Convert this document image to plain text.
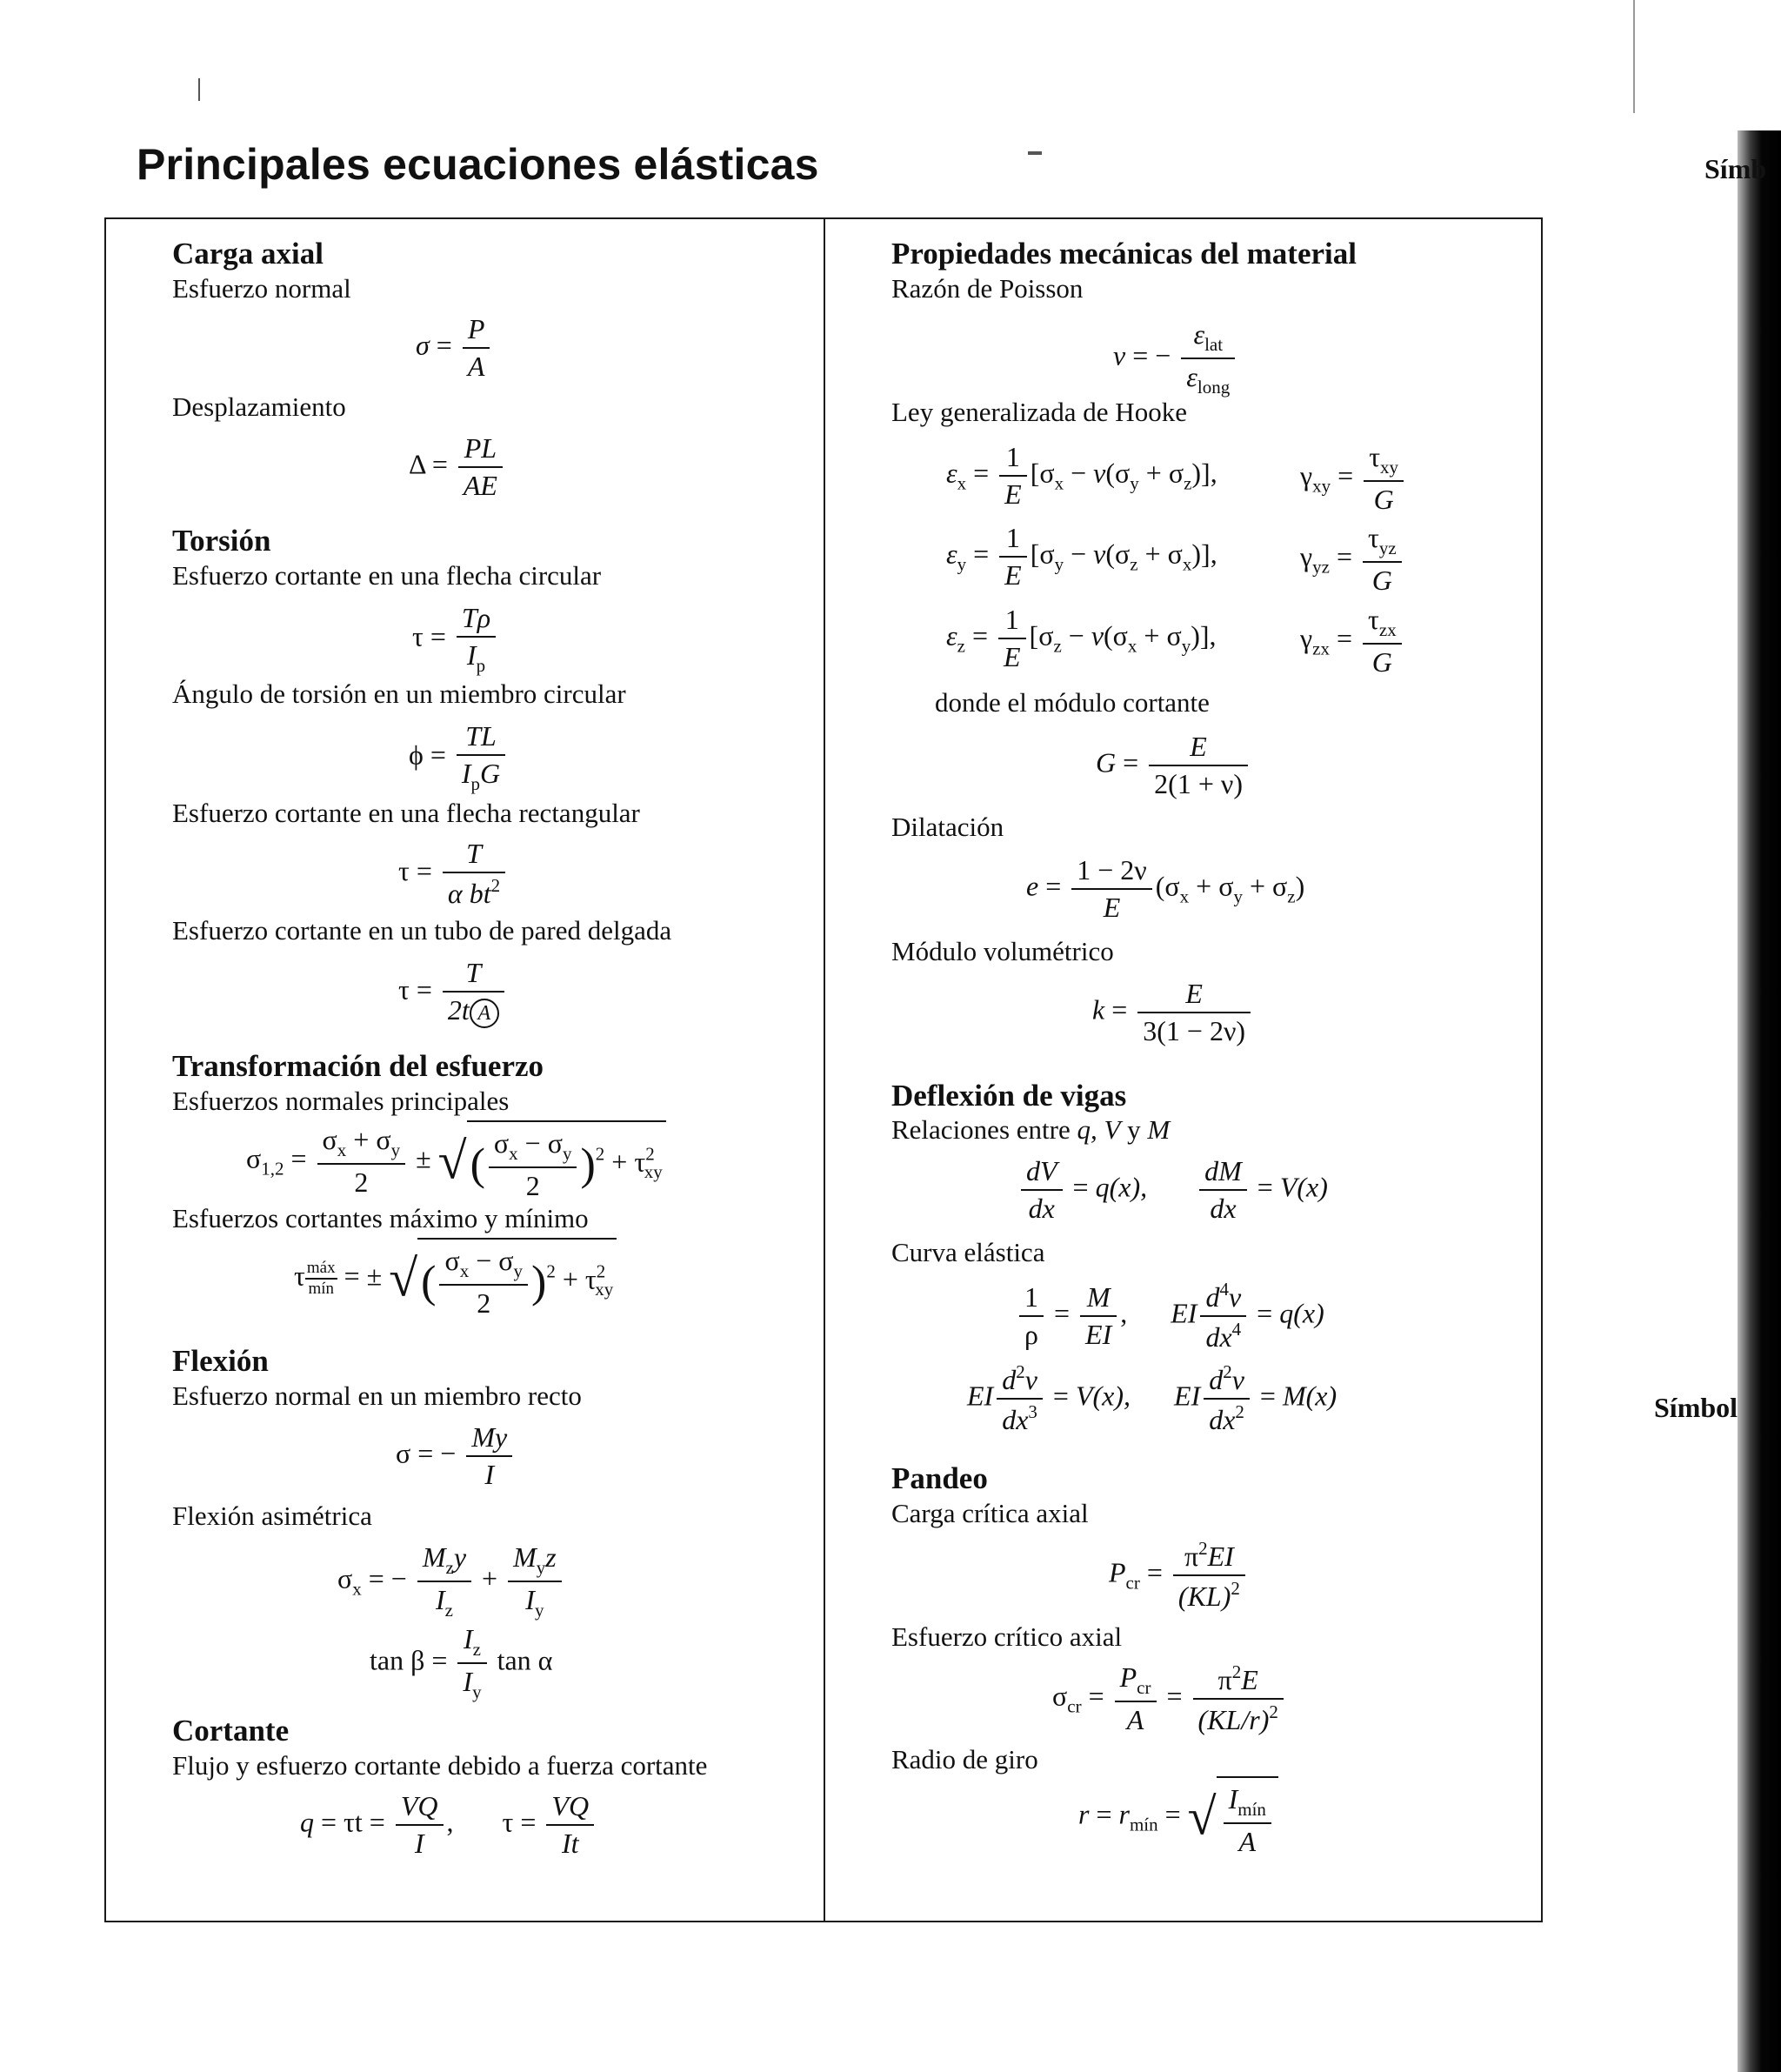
Principales ecuaciones elásticas
Carga axial
Esfuerzo normal
$\sigma = \frac{P}{A}$
Desplazamiento
$\Delta = \frac{PL}{AE}$
Torsión
Esfuerzo cortante en una flecha circular
$\tau = \frac{T\rho}{I_p}$
Ángulo de torsión en un miembro circular
ϕ =
TL
$I_pG$
Esfuerzo cortante en una flecha rectangular
$\tau = \frac{T}{\alpha bt^2}$
Esfuerzo cortante en un tubo de pared delgada
$\tau = \frac{T}{\text{2t A}}$
Transformación del esfuerzo
Esfuerzos normales principales
$\sigma_{1,2} = \frac{\sigma_x + \sigma_y}{2}$ ± √( $\frac{\sigma_x - \sigma_y}{2} )^2 + \tau^2_{xy}$
Esfuerzos cortantes máximo y mínimo
τ máx
mín = ± √( $\frac{\sigma_x - \sigma_y}{2} )^2 + \tau^2_{xy}$
Flexión
Esfuerzo normal en un miembro recto
σ = − $\frac{My}{I}$
Flexión asimétrica
$\sigma_x$ = −
$M_zy$
$I_z$
+
$M_yz$
$I_y$
$\tan \beta = \frac{I_z}{I_y}$ tan α
Cortante
Flujo y esfuerzo cortante debido a fuerza cortante
$q = \tau t = \frac{VQ}{I}$ ,  $\tau = \frac{VQ}{It}$
Propiedades mecánicas del material
Razón de Poisson
ν = −
$\varepsilon_{lat}$
$\varepsilon_{long}$
Ley generalizada de Hooke
$\varepsilon_x = \frac{1}{E} [\sigma_x - \nu(\sigma_y + \sigma_z)]$,	$\gamma_{xy}$ =
$\tau_{xy}$
G
$\varepsilon_y = \frac{1}{E} [\sigma_y - \nu(\sigma_z + \sigma_x)]$,	$\gamma_{yz}$ =
$\tau_{yz}$
G
$\varepsilon_z = \frac{1}{E} [\sigma_z - \nu(\sigma_x + \sigma_y)]$,	$\gamma_{zx}$ =
$\tau_{zx}$
G
donde el módulo cortante
$G = \frac{E}{2(1 + \nu)}$
Dilatación
$e = \frac{1 - 2\nu}{E} (\sigma_x + \sigma_y + \sigma_z)$
Módulo volumétrico
$k = \frac{E}{3(1 - 2\nu)}$
Deflexión de vigas
Relaciones entre q, V y M
$\frac{dV}{dx} = q(x)$, $\frac{dM}{dx} = V(x)$
Curva elástica
$\frac{1}{\rho} = \frac{M}{EI}$ ,  EI $\frac{d^4v}{dx^4} = q(x)$
EI $\frac{d^2v}{dx^3} = V(x)$, EI $\frac{d^2v}{dx^2} = M(x)$
Pandeo
Carga crítica axial
$P_{cr} = \frac{\pi^2EI}{(KL)^2}$
Esfuerzo crítico axial
$\sigma_{cr}$ =
$P_{cr}$
A
= $\frac{\pi^2E}{(KL/r)^2}$
Radio de giro
$r = r_{mín}$ = √ $I_{mín}$
A
Símb
Símbol
